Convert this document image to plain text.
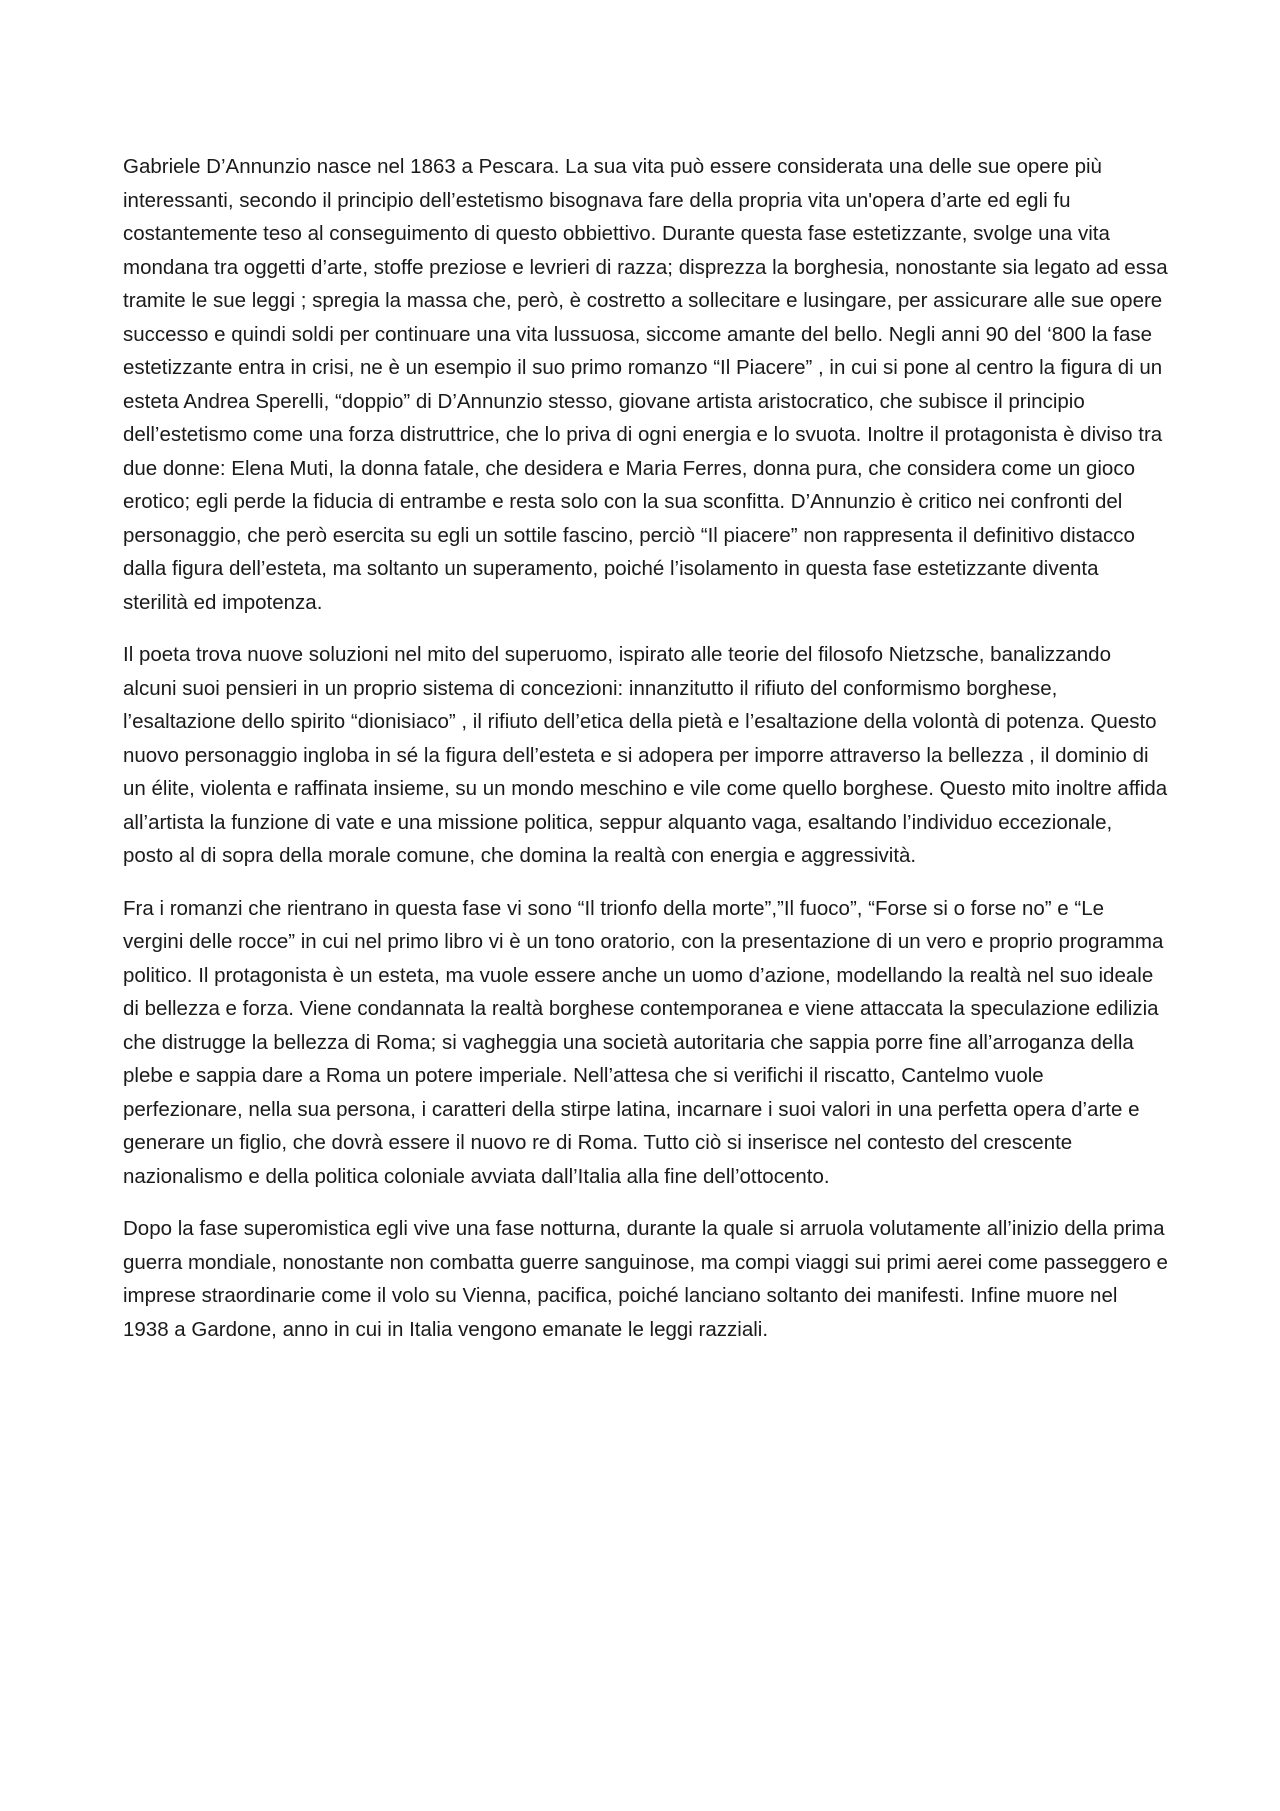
Gabriele D’Annunzio nasce nel 1863 a Pescara. La sua vita può essere considerata una delle sue opere più interessanti, secondo il principio dell’estetismo bisognava fare della propria vita un'opera d’arte ed egli fu costantemente teso al conseguimento di questo obbiettivo. Durante questa fase estetizzante, svolge una vita mondana tra oggetti d’arte, stoffe preziose e levrieri di razza; disprezza la borghesia, nonostante sia legato ad essa tramite le sue leggi ; spregia la massa che, però, è costretto a sollecitare e lusingare, per assicurare alle sue opere successo e quindi soldi per continuare una vita lussuosa, siccome amante del bello. Negli anni 90 del ‘800 la fase estetizzante entra in crisi, ne è un esempio il suo primo romanzo “Il Piacere” , in cui si pone al centro la figura di un esteta Andrea Sperelli, “doppio” di D’Annunzio stesso, giovane artista aristocratico, che subisce il principio dell’estetismo come una forza distruttrice, che lo priva di ogni energia e lo svuota. Inoltre il protagonista è diviso tra due donne: Elena Muti, la donna fatale, che desidera e Maria Ferres, donna pura, che considera come un gioco erotico; egli perde la fiducia di entrambe e resta solo con la sua sconfitta. D’Annunzio è critico nei confronti del personaggio, che però esercita su egli un sottile fascino, perciò “Il piacere” non rappresenta il definitivo distacco dalla figura dell’esteta, ma soltanto un superamento, poiché l’isolamento in questa fase estetizzante diventa sterilità ed impotenza.

Il poeta trova nuove soluzioni nel mito del superuomo, ispirato alle teorie del filosofo Nietzsche, banalizzando alcuni suoi pensieri in un proprio sistema di concezioni: innanzitutto il rifiuto del conformismo borghese, l’esaltazione dello spirito “dionisiaco” , il rifiuto dell’etica della pietà e l’esaltazione della volontà di potenza. Questo nuovo personaggio ingloba in sé la figura dell’esteta e si adopera per imporre attraverso la bellezza , il dominio di un élite, violenta e raffinata insieme, su un mondo meschino e vile come quello borghese. Questo mito inoltre affida all’artista la funzione di vate e una missione politica, seppur alquanto vaga, esaltando l’individuo eccezionale, posto al di sopra della morale comune, che domina la realtà con energia e aggressività.

Fra i romanzi che rientrano in questa fase vi sono “Il trionfo della morte”,”Il fuoco”, “Forse si o forse no” e “Le vergini delle rocce” in cui nel primo libro vi è un tono oratorio, con la presentazione di un vero e proprio programma politico. Il protagonista è un esteta, ma vuole essere anche un uomo d’azione, modellando la realtà nel suo ideale di bellezza e forza. Viene condannata la realtà borghese contemporanea e viene attaccata la speculazione edilizia che distrugge la bellezza di Roma; si vagheggia una società autoritaria che sappia porre fine all’arroganza della plebe e sappia dare a Roma un potere imperiale. Nell’attesa che si verifichi il riscatto, Cantelmo vuole perfezionare, nella sua persona, i caratteri della stirpe latina, incarnare i suoi valori in una perfetta opera d’arte e generare un figlio, che dovrà essere il nuovo re di Roma. Tutto ciò si inserisce nel contesto del crescente nazionalismo e della politica coloniale avviata dall’Italia alla fine dell’ottocento.

Dopo la fase superomistica egli vive una fase notturna, durante la quale si arruola volutamente all’inizio della prima guerra mondiale, nonostante non combatta guerre sanguinose, ma compi viaggi sui primi aerei come passeggero e imprese straordinarie come il volo su Vienna, pacifica, poiché lanciano soltanto dei manifesti. Infine muore nel 1938 a Gardone, anno in cui in Italia vengono emanate le leggi razziali.
